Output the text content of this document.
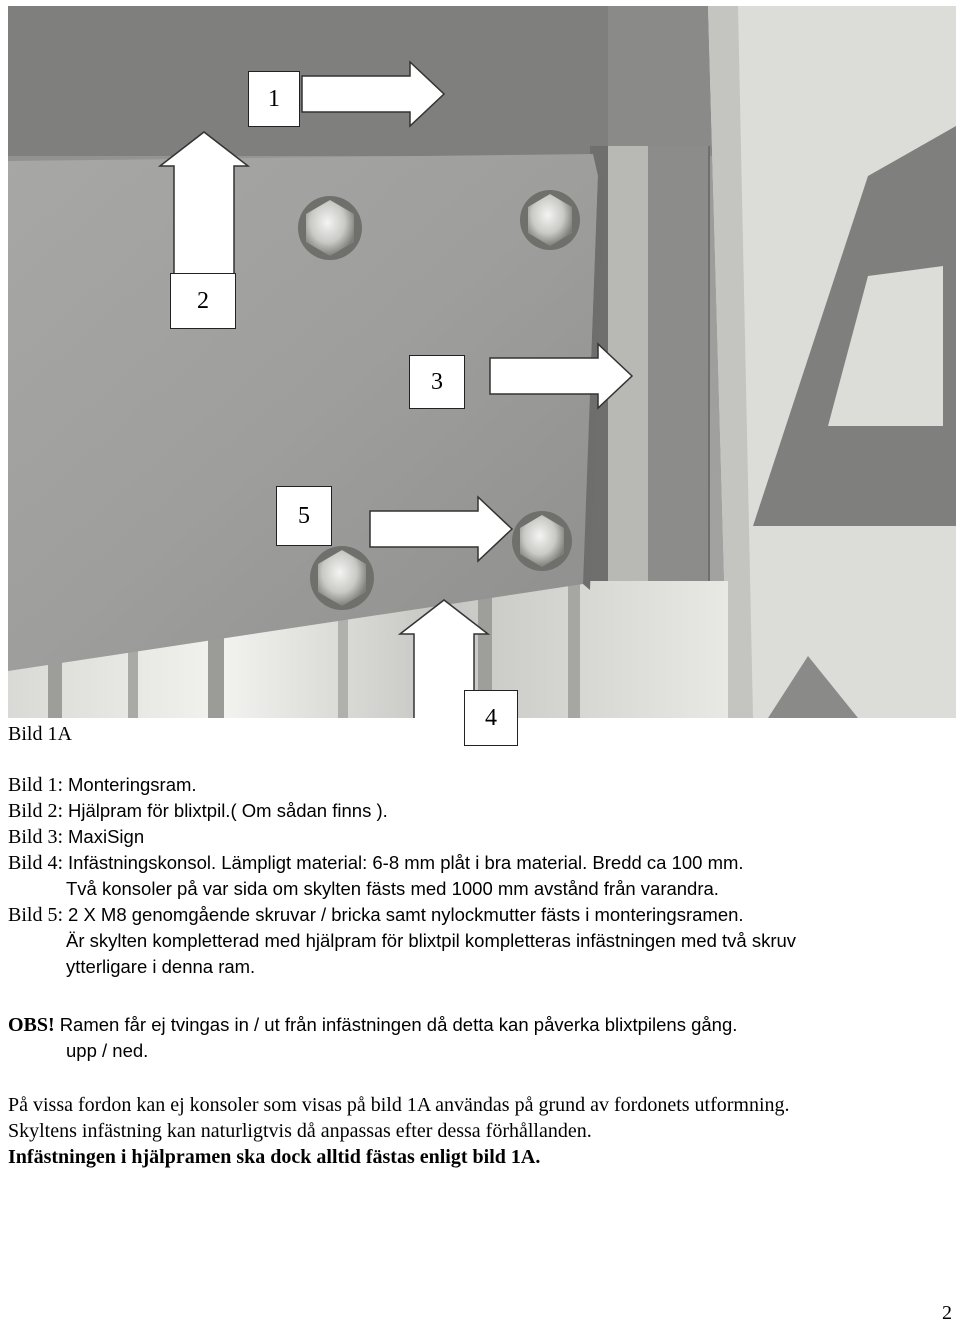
1
2
3
5
4
Bild 1A
Bild 1: Monteringsram.
Bild 2: Hjälpram för blixtpil.( Om sådan finns ).
Bild 3: MaxiSign
Bild 4: Infästningskonsol. Lämpligt material: 6-8 mm plåt i bra material. Bredd ca 100 mm.
Två konsoler på var sida om skylten fästs med 1000 mm avstånd från varandra.
Bild 5: 2 X M8 genomgående skruvar / bricka samt nylockmutter fästs i monteringsramen.
Är skylten kompletterad med hjälpram för blixtpil kompletteras infästningen med två skruv
ytterligare i denna ram.
OBS! Ramen får ej tvingas in / ut från infästningen då detta kan påverka blixtpilens gång.
upp / ned.
På vissa fordon kan ej konsoler som visas på bild 1A användas på grund av fordonets utformning.
Skyltens infästning kan naturligtvis då anpassas efter dessa förhållanden.
Infästningen i hjälpramen ska dock alltid fästas enligt bild 1A.
2
